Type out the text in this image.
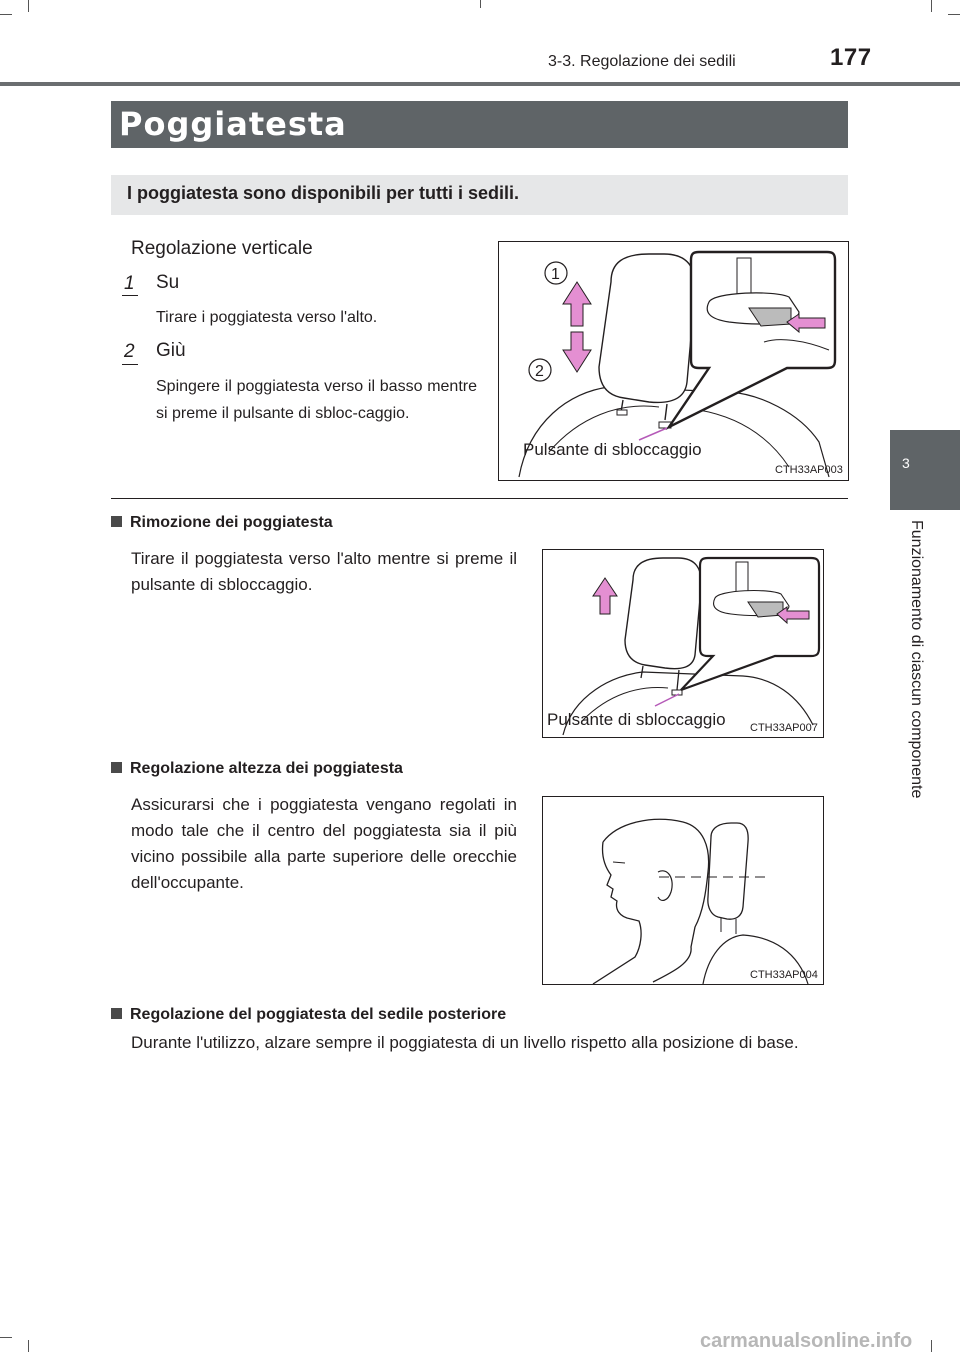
3-3. Regolazione dei sedili	177
Poggiatesta
I poggiatesta sono disponibili per tutti i sedili.
3
Funzionamento di ciascun componente
Regolazione verticale
1	Su
Tirare i poggiatesta verso l'alto.
2	Giù
Spingere il poggiatesta verso il basso mentre si preme il pulsante di sbloc-caggio.
1
2
Pulsante di sbloccaggio
CTH33AP003
Rimozione dei poggiatesta
Tirare il poggiatesta verso l'alto mentre si preme il pulsante di sbloccaggio.
Pulsante di sbloccaggio CTH33AP007
Regolazione altezza dei poggiatesta
Assicurarsi che i poggiatesta vengano regolati in modo tale che il centro del poggiatesta sia il più vicino possibile alla parte superiore delle orecchie dell'occupante.
CTH33AP004
Regolazione del poggiatesta del sedile posteriore
Durante l'utilizzo, alzare sempre il poggiatesta di un livello rispetto alla posizione di base.
carmanualsonline.info
